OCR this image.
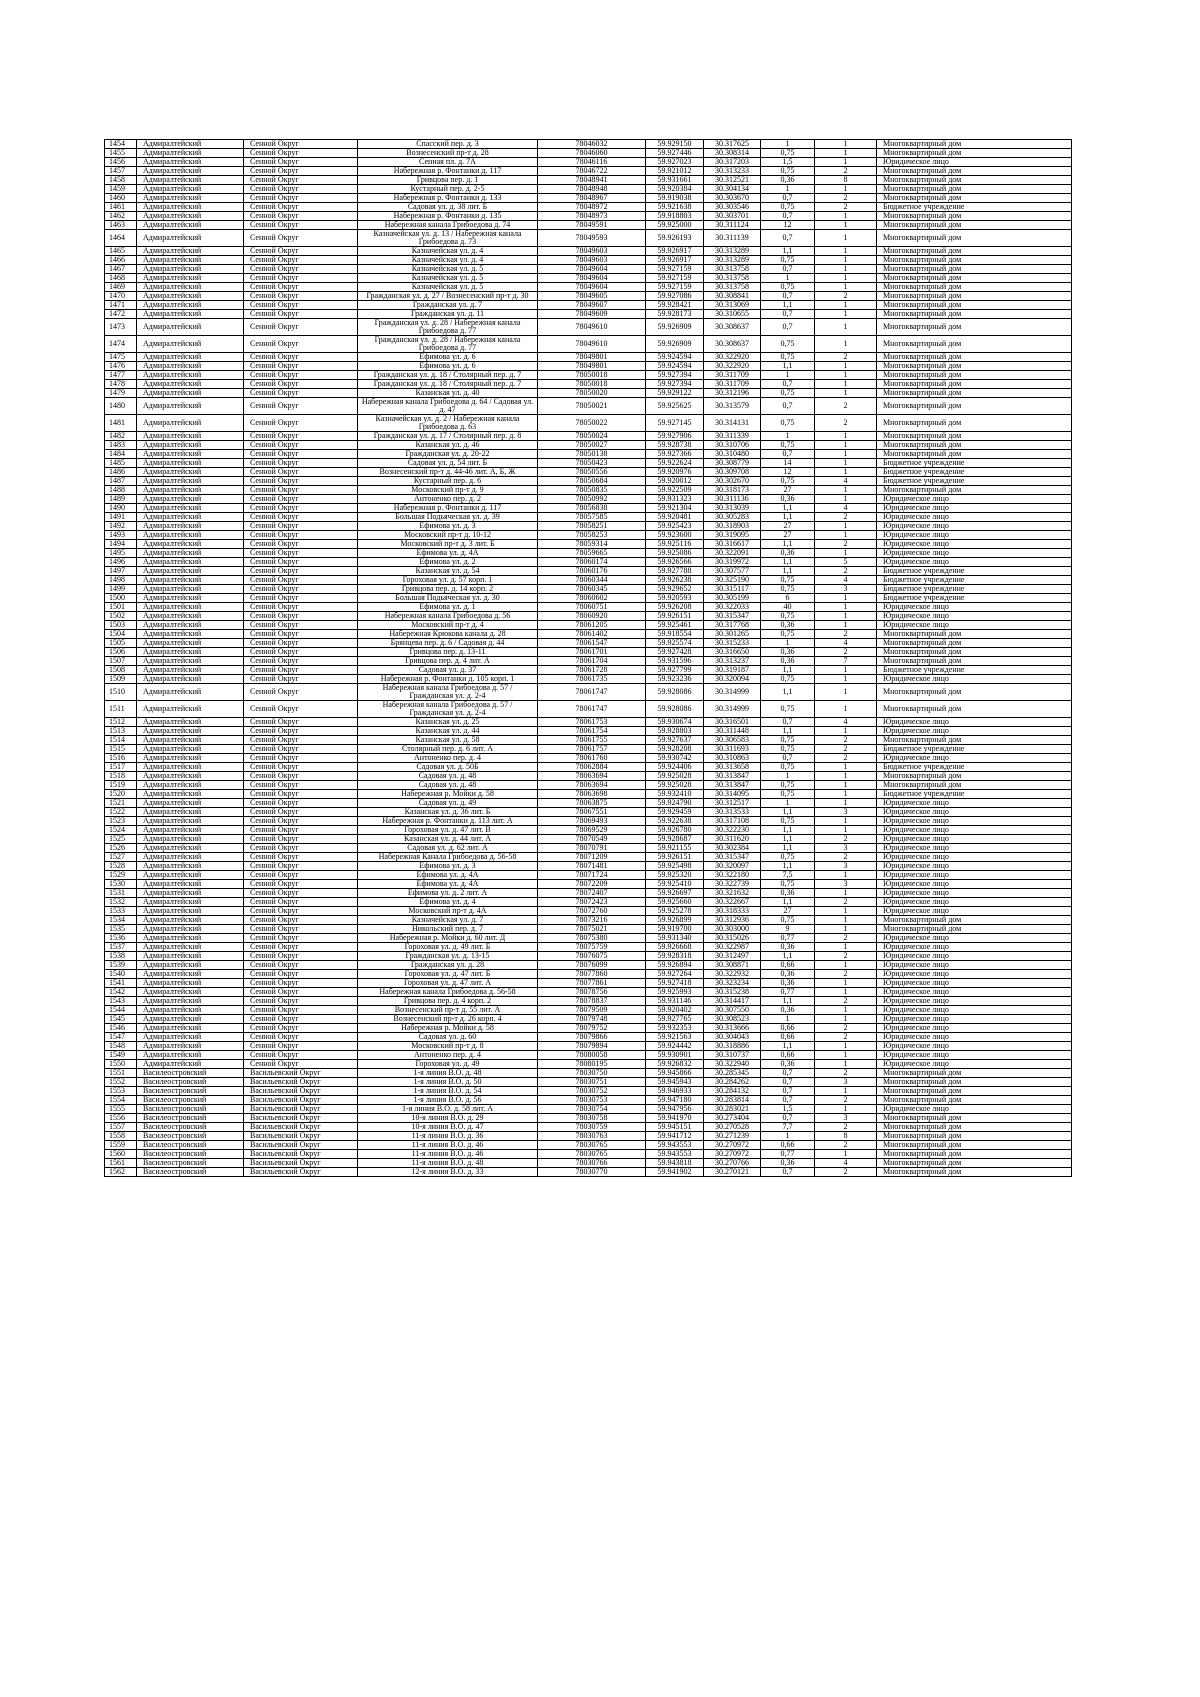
1454	Адмиралтейский	Сенной Округ	Спасский пер. д. 3	78046032	59.929150	30.317625	1	1	Многоквартирный дом
1455	Адмиралтейский	Сенной Округ	Вознесенский пр-т д. 28	78046060	59.927446	30.308314	0,75	1	Многоквартирный дом
1456	Адмиралтейский	Сенной Округ	Сенная пл. д. 7А	78046116	59.927023	30.317203	1,5	1	Юридическое лицо
1457	Адмиралтейский	Сенной Округ	Набережная р. Фонтанки д. 117	78046722	59.921012	30.313233	0,75	2	Многоквартирный дом
1458	Адмиралтейский	Сенной Округ	Гривцова пер. д. 1	78048941	59.931661	30.312521	0,36	8	Многоквартирный дом
1459	Адмиралтейский	Сенной Округ	Кустарный пер. д. 2-5	78048948	59.920384	30.304134	1	1	Многоквартирный дом
1460	Адмиралтейский	Сенной Округ	Набережная р. Фонтанки д. 133	78048967	59.919038	30.303670	0,7	2	Многоквартирный дом
1461	Адмиралтейский	Сенной Округ	Садовая ул. д. 38 лит. Б	78048972	59.921638	30.303546	0,75	2	Бюджетное учреждение
1462	Адмиралтейский	Сенной Округ	Набережная р. Фонтанки д. 135	78048973	59.918803	30.303701	0,7	1	Многоквартирный дом
1463	Адмиралтейский	Сенной Округ	Набережная канала Грибоедова д. 74	78049591	59.925000	30.311124	12	1	Многоквартирный дом
1464	Адмиралтейский	Сенной Округ	Казначейская ул. д. 13 / Набережная канала Грибоедова д. 73	78049593	59.926193	30.311139	0,7	1	Многоквартирный дом
1465	Адмиралтейский	Сенной Округ	Казначейская ул. д. 4	78049603	59.926917	30.313289	1,1	1	Многоквартирный дом
1466	Адмиралтейский	Сенной Округ	Казначейская ул. д. 4	78049603	59.926917	30.313289	0,75	1	Многоквартирный дом
1467	Адмиралтейский	Сенной Округ	Казначейская ул. д. 5	78049604	59.927159	30.313758	0,7	1	Многоквартирный дом
1468	Адмиралтейский	Сенной Округ	Казначейская ул. д. 5	78049604	59.927159	30.313758	1	1	Многоквартирный дом
1469	Адмиралтейский	Сенной Округ	Казначейская ул. д. 5	78049604	59.927159	30.313758	0,75	1	Многоквартирный дом
1470	Адмиралтейский	Сенной Округ	Гражданская ул. д. 27 / Вознесенский пр-т д. 30	78049605	59.927086	30.308841	0,7	2	Многоквартирный дом
1471	Адмиралтейский	Сенной Округ	Гражданская ул. д. 7	78049607	59.928421	30.313069	1,1	1	Многоквартирный дом
1472	Адмиралтейский	Сенной Округ	Гражданская ул. д. 11	78049609	59.928173	30.310655	0,7	1	Многоквартирный дом
1473	Адмиралтейский	Сенной Округ	Гражданская ул. д. 28 / Набережная канала Грибоедова д. 77	78049610	59.926909	30.308637	0,7	1	Многоквартирный дом
1474	Адмиралтейский	Сенной Округ	Гражданская ул. д. 28 / Набережная канала Грибоедова д. 77	78049610	59.926909	30.308637	0,75	1	Многоквартирный дом
1475	Адмиралтейский	Сенной Округ	Ефимова ул. д. 6	78049801	59.924594	30.322920	0,75	2	Многоквартирный дом
1476	Адмиралтейский	Сенной Округ	Ефимова ул. д. 6	78049801	59.924594	30.322920	1,1	1	Многоквартирный дом
1477	Адмиралтейский	Сенной Округ	Гражданская ул. д. 18 / Столярный пер. д. 7	78050018	59.927394	30.311709	1	1	Многоквартирный дом
1478	Адмиралтейский	Сенной Округ	Гражданская ул. д. 18 / Столярный пер. д. 7	78050018	59.927394	30.311709	0,7	1	Многоквартирный дом
1479	Адмиралтейский	Сенной Округ	Казанская ул. д. 40	78050020	59.929122	30.312196	0,75	1	Многоквартирный дом
1480	Адмиралтейский	Сенной Округ	Набережная канала Грибоедова д. 64 / Садовая ул. д. 47	78050021	59.925625	30.313579	0,7	2	Многоквартирный дом
1481	Адмиралтейский	Сенной Округ	Казначейская ул. д. 2 / Набережная канала Грибоедова д. 63	78050022	59.927145	30.314131	0,75	2	Многоквартирный дом
1482	Адмиралтейский	Сенной Округ	Гражданская ул. д. 17 / Столярный пер. д. 8	78050024	59.927906	30.311339	1	1	Многоквартирный дом
1483	Адмиралтейский	Сенной Округ	Казанская ул. д. 46	78050027	59.928738	30.310706	0,75	1	Многоквартирный дом
1484	Адмиралтейский	Сенной Округ	Гражданская ул. д. 20-22	78050138	59.927366	30.310480	0,7	1	Многоквартирный дом
1485	Адмиралтейский	Сенной Округ	Садовая ул. д. 54 лит. Б	78050423	59.922624	30.308779	14	1	Бюджетное учреждение
1486	Адмиралтейский	Сенной Округ	Вознесенский пр-т д. 44-46 лит. А, Б, Ж	78050556	59.920976	30.309708	12	1	Бюджетное учреждение
1487	Адмиралтейский	Сенной Округ	Кустарный пер. д. 6	78050684	59.920012	30.302670	0,75	4	Бюджетное учреждение
1488	Адмиралтейский	Сенной Округ	Московский пр-т д. 9	78050835	59.922509	30.318173	27	1	Многоквартирный дом
1489	Адмиралтейский	Сенной Округ	Антоненко пер. д. 2	78050992	59.931323	30.311136	0,36	1	Юридическое лицо
1490	Адмиралтейский	Сенной Округ	Набережная р. Фонтанки д. 117	78056838	59.921304	30.313039	1,1	4	Юридическое лицо
1491	Адмиралтейский	Сенной Округ	Большая Подьяческая ул. д. 39	78057585	59.920481	30.305283	1,1	2	Юридическое лицо
1492	Адмиралтейский	Сенной Округ	Ефимова ул. д. 3	78058251	59.925423	30.318903	27	1	Юридическое лицо
1493	Адмиралтейский	Сенной Округ	Московский пр-т д. 10-12	78058253	59.923600	30.319095	27	1	Юридическое лицо
1494	Адмиралтейский	Сенной Округ	Московский пр-т д. 3 лит. Б	78059314	59.925116	30.316617	1,1	2	Юридическое лицо
1495	Адмиралтейский	Сенной Округ	Ефимова ул. д. 4А	78059665	59.925086	30.322091	0,36	1	Юридическое лицо
1496	Адмиралтейский	Сенной Округ	Ефимова ул. д. 2	78060174	59.926566	30.319972	1,1	5	Юридическое лицо
1497	Адмиралтейский	Сенной Округ	Казанская ул. д. 54	78060176	59.927788	30.307577	1,1	2	Бюджетное учреждение
1498	Адмиралтейский	Сенной Округ	Гороховая ул. д. 57 корп. 1	78060344	59.926238	30.325190	0,75	4	Бюджетное учреждение
1499	Адмиралтейский	Сенной Округ	Гривцова пер. д. 14 корп. 2	78060345	59.929652	30.315117	0,75	3	Бюджетное учреждение
1500	Адмиралтейский	Сенной Округ	Большая Подьяческая ул. д. 30	78060602	59.920593	30.305199	6	1	Бюджетное учреждение
1501	Адмиралтейский	Сенной Округ	Ефимова ул. д. 1	78060751	59.926208	30.322033	40	1	Юридическое лицо
1502	Адмиралтейский	Сенной Округ	Набережная канала Грибоедова д. 56	78060920	59.926151	30.315347	0,75	1	Юридическое лицо
1503	Адмиралтейский	Сенной Округ	Московский пр-т д. 4	78061205	59.925461	30.317768	0,36	1	Юридическое лицо
1504	Адмиралтейский	Сенной Округ	Набережная Крюкова канала д. 28	78061402	59.918554	30.301265	0,75	2	Многоквартирный дом
1505	Адмиралтейский	Сенной Округ	Брянцева пер. д. 6 / Садовая д. 44	78061547	59.925574	30.315233	1	4	Многоквартирный дом
1506	Адмиралтейский	Сенной Округ	Гривцова пер. д. 13-11	78061701	59.927428	30.316650	0,36	2	Многоквартирный дом
1507	Адмиралтейский	Сенной Округ	Гривцова пер. д. 4 лит. А	78061704	59.931596	30.313237	0,36	7	Многоквартирный дом
1508	Адмиралтейский	Сенной Округ	Садовая ул. д. 37	78061728	59.927799	30.319187	1,1	1	Бюджетное учреждение
1509	Адмиралтейский	Сенной Округ	Набережная р. Фонтанки д. 105 корп. 1	78061735	59.923236	30.320094	0,75	1	Юридическое лицо
1510	Адмиралтейский	Сенной Округ	Набережная канала Грибоедова д. 57 / Гражданская ул. д. 2-4	78061747	59.928086	30.314999	1,1	1	Многоквартирный дом
1511	Адмиралтейский	Сенной Округ	Набережная канала Грибоедова д. 57 / Гражданская ул. д. 2-4	78061747	59.928086	30.314999	0,75	1	Многоквартирный дом
1512	Адмиралтейский	Сенной Округ	Казанская ул. д. 25	78061753	59.930674	30.316501	0,7	4	Юридическое лицо
1513	Адмиралтейский	Сенной Округ	Казанская ул. д. 44	78061754	59.928803	30.311448	1,1	1	Юридическое лицо
1514	Адмиралтейский	Сенной Округ	Казанская ул. д. 58	78061755	59.927637	30.306583	0,75	2	Многоквартирный дом
1515	Адмиралтейский	Сенной Округ	Столярный пер. д. 6 лит. А	78061757	59.928208	30.311693	0,75	2	Бюджетное учреждение
1516	Адмиралтейский	Сенной Округ	Антоненко пер. д. 4	78061760	59.930742	30.310863	0,7	2	Юридическое лицо
1517	Адмиралтейский	Сенной Округ	Садовая ул. д. 50Б	78062884	59.924406	30.313658	0,75	1	Бюджетное учреждение
1518	Адмиралтейский	Сенной Округ	Садовая ул. д. 48	78063694	59.925028	30.313847	1	1	Многоквартирный дом
1519	Адмиралтейский	Сенной Округ	Садовая ул. д. 48	78063694	59.925028	30.313847	0,75	1	Многоквартирный дом
1520	Адмиралтейский	Сенной Округ	Набережная р. Мойки д. 58	78063698	59.932410	30.314095	0,75	1	Бюджетное учреждение
1521	Адмиралтейский	Сенной Округ	Садовая ул. д. 49	78063875	59.924790	30.312517	1	1	Юридическое лицо
1522	Адмиралтейский	Сенной Округ	Казанская ул. д. 36 лит. Б	78067551	59.929459	30.313533	1,1	3	Юридическое лицо
1523	Адмиралтейский	Сенной Округ	Набережная р. Фонтанки д. 113 лит. А	78069493	59.922638	30.317108	0,75	1	Юридическое лицо
1524	Адмиралтейский	Сенной Округ	Гороховая ул. д. 47 лит. В	78069529	59.926780	30.322230	1,1	1	Юридическое лицо
1525	Адмиралтейский	Сенной Округ	Казанская ул. д. 44 лит. А	78070549	59.928687	30.311620	1,1	2	Юридическое лицо
1526	Адмиралтейский	Сенной Округ	Садовая ул. д. 62 лит. А	78070791	59.921155	30.302384	1,1	3	Юридическое лицо
1527	Адмиралтейский	Сенной Округ	Набережная Канала Грибоедова д. 56-58	78071209	59.926151	30.315347	0,75	2	Юридическое лицо
1528	Адмиралтейский	Сенной Округ	Ефимова ул. д. 3	78071481	59.925498	30.320097	1,1	3	Юридическое лицо
1529	Адмиралтейский	Сенной Округ	Ефимова ул. д. 4А	78071724	59.925320	30.322180	7,5	1	Юридическое лицо
1530	Адмиралтейский	Сенной Округ	Ефимова ул. д. 4А	78072209	59.925410	30.322739	0,75	3	Юридическое лицо
1531	Адмиралтейский	Сенной Округ	Ефимова ул. д. 2 лит. А	78072407	59.926697	30.321632	0,36	1	Юридическое лицо
1532	Адмиралтейский	Сенной Округ	Ефимова ул. д. 4	78072423	59.925660	30.322667	1,1	2	Юридическое лицо
1533	Адмиралтейский	Сенной Округ	Московский пр-т д. 4А	78072760	59.925278	30.318333	27	1	Юридическое лицо
1534	Адмиралтейский	Сенной Округ	Казначейская ул. д. 7	78073216	59.926899	30.312936	0,75	1	Многоквартирный дом
1535	Адмиралтейский	Сенной Округ	Никольский пер. д. 7	78075021	59.919700	30.303000	9	1	Многоквартирный дом
1536	Адмиралтейский	Сенной Округ	Набережная р. Мойки д. 60 лит. Д	78075380	59.931340	30.315026	0,77	2	Юридическое лицо
1537	Адмиралтейский	Сенной Округ	Гороховая ул. д. 49 лит. Б	78075759	59.926668	30.322987	0,36	1	Юридическое лицо
1538	Адмиралтейский	Сенной Округ	Гражданская ул. д. 13-15	78076075	59.928318	30.312497	1,1	2	Юридическое лицо
1539	Адмиралтейский	Сенной Округ	Гражданская ул. д. 28	78076099	59.926894	30.308871	0,66	1	Юридическое лицо
1540	Адмиралтейский	Сенной Округ	Гороховая ул. д. 47 лит. Б	78077860	59.927264	30.322932	0,36	2	Юридическое лицо
1541	Адмиралтейский	Сенной Округ	Гороховая ул. д. 47 лит. А	78077861	59.927418	30.323234	0,36	1	Юридическое лицо
1542	Адмиралтейский	Сенной Округ	Набережная канала Грибоедова д. 56-58	78078756	59.925993	30.315238	0,77	1	Юридическое лицо
1543	Адмиралтейский	Сенной Округ	Гривцова пер. д. 4 корп. 2	78078837	59.931146	30.314417	1,1	2	Юридическое лицо
1544	Адмиралтейский	Сенной Округ	Вознесенский пр-т д. 55 лит. А	78079509	59.920402	30.307550	0,36	1	Юридическое лицо
1545	Адмиралтейский	Сенной Округ	Вознесенский пр-т д. 26 корп. 4	78079748	59.927765	30.308523	1	1	Юридическое лицо
1546	Адмиралтейский	Сенной Округ	Набережная р. Мойки д. 58	78079752	59.932353	30.313666	0,66	2	Юридическое лицо
1547	Адмиралтейский	Сенной Округ	Садовая ул. д. 60	78079866	59.921563	30.304043	0,66	2	Юридическое лицо
1548	Адмиралтейский	Сенной Округ	Московский пр-т д. 8	78079894	59.924442	30.318886	1,1	1	Юридическое лицо
1549	Адмиралтейский	Сенной Округ	Антоненко пер. д. 4	78080058	59.930901	30.310737	0,66	1	Юридическое лицо
1550	Адмиралтейский	Сенной Округ	Гороховая ул. д. 49	78080195	59.926832	30.322940	0,36	1	Юридическое лицо
1551	Василеостровский	Васильевский Округ	1-я линия В.О. д. 48	78030750	59.945866	30.285345	0,7	2	Многоквартирный дом
1552	Василеостровский	Васильевский Округ	1-я линия В.О. д. 50	78030751	59.945943	30.284262	0,7	3	Многоквартирный дом
1553	Василеостровский	Васильевский Округ	1-я линия В.О. д. 54	78030752	59.946933	30.284132	0,7	1	Многоквартирный дом
1554	Василеостровский	Васильевский Округ	1-я линия В.О. д. 56	78030753	59.947180	30.283814	0,7	2	Многоквартирный дом
1555	Василеостровский	Васильевский Округ	1-я линия В.О. д. 58 лит. А	78030754	59.947956	30.283021	1,5	1	Юридическое лицо
1556	Василеостровский	Васильевский Округ	10-я линия В.О. д. 29	78030758	59.941970	30.273404	0,7	3	Многоквартирный дом
1557	Василеостровский	Васильевский Округ	10-я линия В.О. д. 47	78030759	59.945151	30.270528	7,7	2	Многоквартирный дом
1558	Василеостровский	Васильевский Округ	11-я линия В.О. д. 36	78030763	59.941712	30.271239	1	8	Многоквартирный дом
1559	Василеостровский	Васильевский Округ	11-я линия В.О. д. 46	78030765	59.943553	30.270972	0,66	2	Многоквартирный дом
1560	Василеостровский	Васильевский Округ	11-я линия В.О. д. 46	78030765	59.943553	30.270972	0,77	1	Многоквартирный дом
1561	Василеостровский	Васильевский Округ	11-я линия В.О. д. 48	78030766	59.943818	30.270766	0,36	4	Многоквартирный дом
1562	Василеостровский	Васильевский Округ	12-я линия В.О. д. 33	78030770	59.941902	30.270121	0,7	2	Многоквартирный дом
